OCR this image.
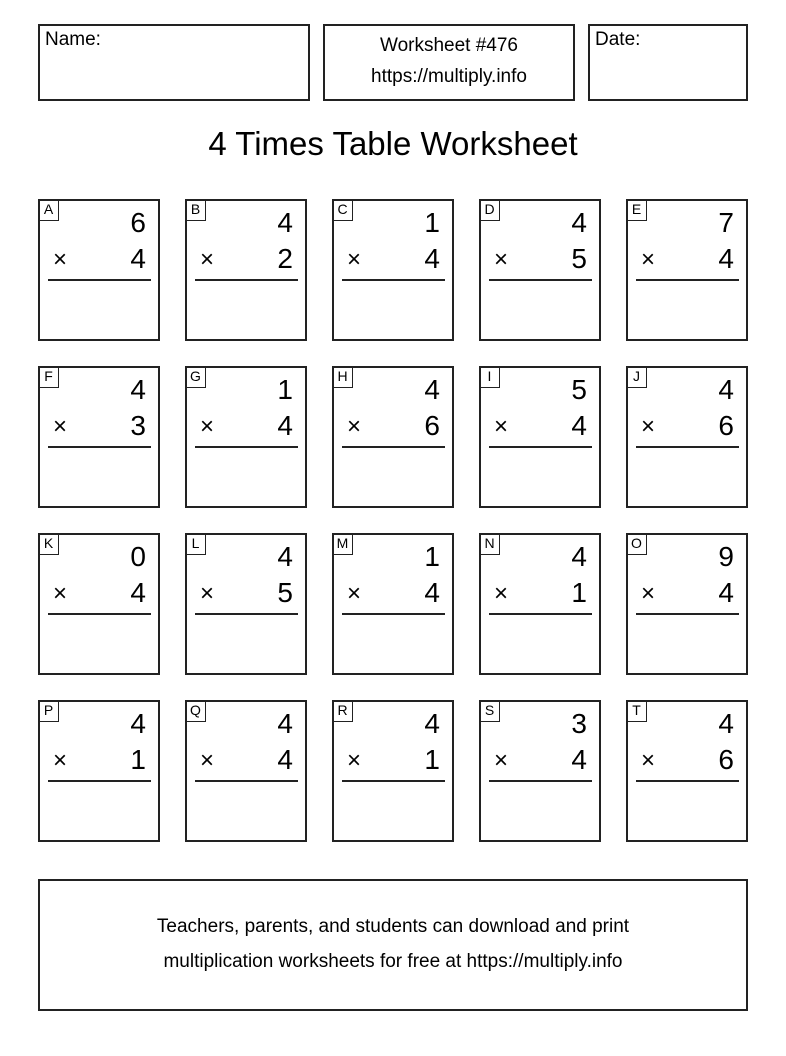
Name:	Worksheet #476
https://multiply.info
Date:
4 Times Table Worksheet
A	6
× 4
B	4
× 2
C	1
× 4
D	4
× 5
E	7
× 4
F	4
× 3
G	1
× 4
H	4
× 6
I	5
× 4
J	4
× 6
K	0
× 4
L	4
× 5
M	1
× 4
N	4
× 1
O	9
× 4
P	4
× 1
Q	4
× 4
R	4
× 1
S	3
× 4
T	4
× 6
Teachers, parents, and students can download and print
multiplication worksheets for free at https://multiply.info
